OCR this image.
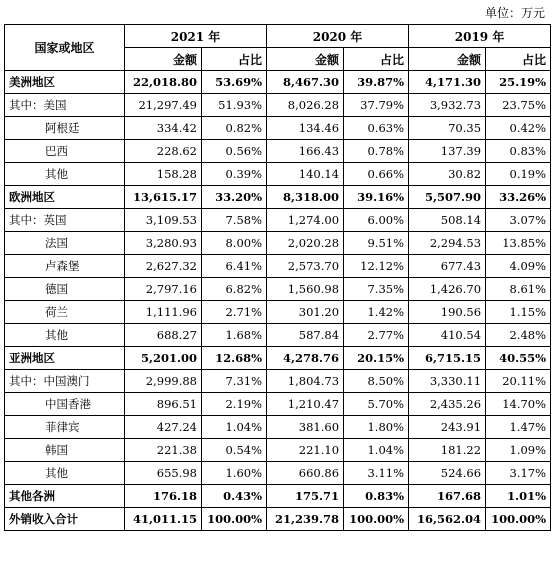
单位：万元
国家或地区	2021 年		2020 年		2019 年	
	金额	占比	金额	占比	金额	占比
美洲地区	22,018.80	53.69%	8,467.30	39.87%	4,171.30	25.19%
其中：美国	21,297.49	51.93%	8,026.28	37.79%	3,932.73	23.75%
阿根廷	334.42	0.82%	134.46	0.63%	70.35	0.42%
巴西	228.62	0.56%	166.43	0.78%	137.39	0.83%
其他	158.28	0.39%	140.14	0.66%	30.82	0.19%
欧洲地区	13,615.17	33.20%	8,318.00	39.16%	5,507.90	33.26%
其中：英国	3,109.53	7.58%	1,274.00	6.00%	508.14	3.07%
法国	3,280.93	8.00%	2,020.28	9.51%	2,294.53	13.85%
卢森堡	2,627.32	6.41%	2,573.70	12.12%	677.43	4.09%
德国	2,797.16	6.82%	1,560.98	7.35%	1,426.70	8.61%
荷兰	1,111.96	2.71%	301.20	1.42%	190.56	1.15%
其他	688.27	1.68%	587.84	2.77%	410.54	2.48%
亚洲地区	5,201.00	12.68%	4,278.76	20.15%	6,715.15	40.55%
其中：中国澳门	2,999.88	7.31%	1,804.73	8.50%	3,330.11	20.11%
中国香港	896.51	2.19%	1,210.47	5.70%	2,435.26	14.70%
菲律宾	427.24	1.04%	381.60	1.80%	243.91	1.47%
韩国	221.38	0.54%	221.10	1.04%	181.22	1.09%
其他	655.98	1.60%	660.86	3.11%	524.66	3.17%
其他各洲	176.18	0.43%	175.71	0.83%	167.68	1.01%
外销收入合计	41,011.15	100.00%	21,239.78	100.00%	16,562.04	100.00%
